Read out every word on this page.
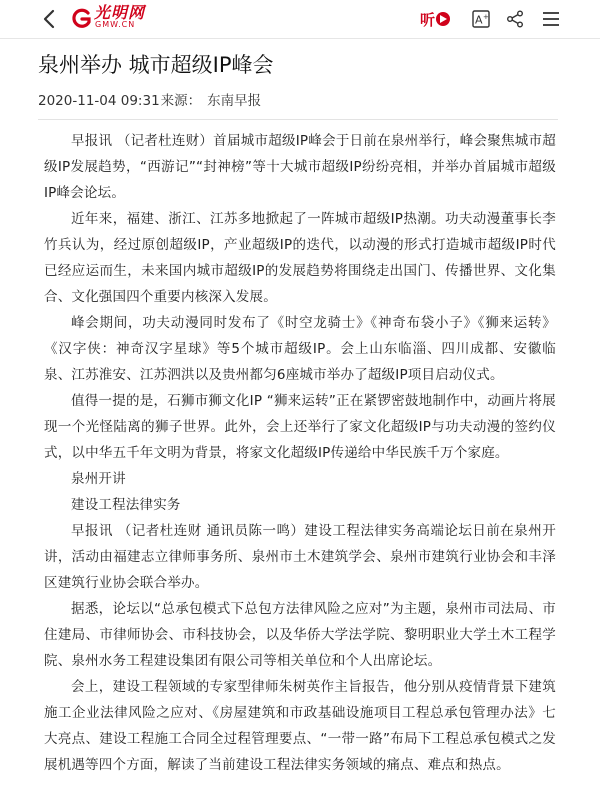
光明网
GMW.CN	听	A +
泉州举办 城市超级IP峰会
2020-11-04 09:31来源： 东南早报

早报讯 （记者杜连财）首届城市超级IP峰会于日前在泉州举行，峰会聚焦城市超级IP发展趋势，“西游记”“封神榜”等十大城市超级IP纷纷亮相，并举办首届城市超级IP峰会论坛。

近年来，福建、浙江、江苏多地掀起了一阵城市超级IP热潮。功夫动漫董事长李竹兵认为，经过原创超级IP，产业超级IP的迭代，以动漫的形式打造城市超级IP时代已经应运而生，未来国内城市超级IP的发展趋势将围绕走出国门、传播世界、文化集合、文化强国四个重要内核深入发展。

峰会期间，功夫动漫同时发布了《时空龙骑士》《神奇布袋小子》《狮来运转》《汉字侠：神奇汉字星球》等5个城市超级IP。会上山东临淄、四川成都、安徽临泉、江苏淮安、江苏泗洪以及贵州都匀6座城市举办了超级IP项目启动仪式。

值得一提的是，石狮市狮文化IP “狮来运转”正在紧锣密鼓地制作中，动画片将展现一个光怪陆离的狮子世界。此外，会上还举行了家文化超级IP与功夫动漫的签约仪式，以中华五千年文明为背景，将家文化超级IP传递给中华民族千万个家庭。

泉州开讲

建设工程法律实务

早报讯 （记者杜连财 通讯员陈一鸣）建设工程法律实务高端论坛日前在泉州开讲，活动由福建志立律师事务所、泉州市土木建筑学会、泉州市建筑行业协会和丰泽区建筑行业协会联合举办。

据悉，论坛以“总承包模式下总包方法律风险之应对”为主题，泉州市司法局、市住建局、市律师协会、市科技协会，以及华侨大学法学院、黎明职业大学土木工程学院、泉州水务工程建设集团有限公司等相关单位和个人出席论坛。

会上，建设工程领域的专家型律师朱树英作主旨报告，他分别从疫情背景下建筑施工企业法律风险之应对、《房屋建筑和市政基础设施项目工程总承包管理办法》七大亮点、建设工程施工合同全过程管理要点、“一带一路”布局下工程总承包模式之发展机遇等四个方面，解读了当前建设工程法律实务领域的痛点、难点和热点。
